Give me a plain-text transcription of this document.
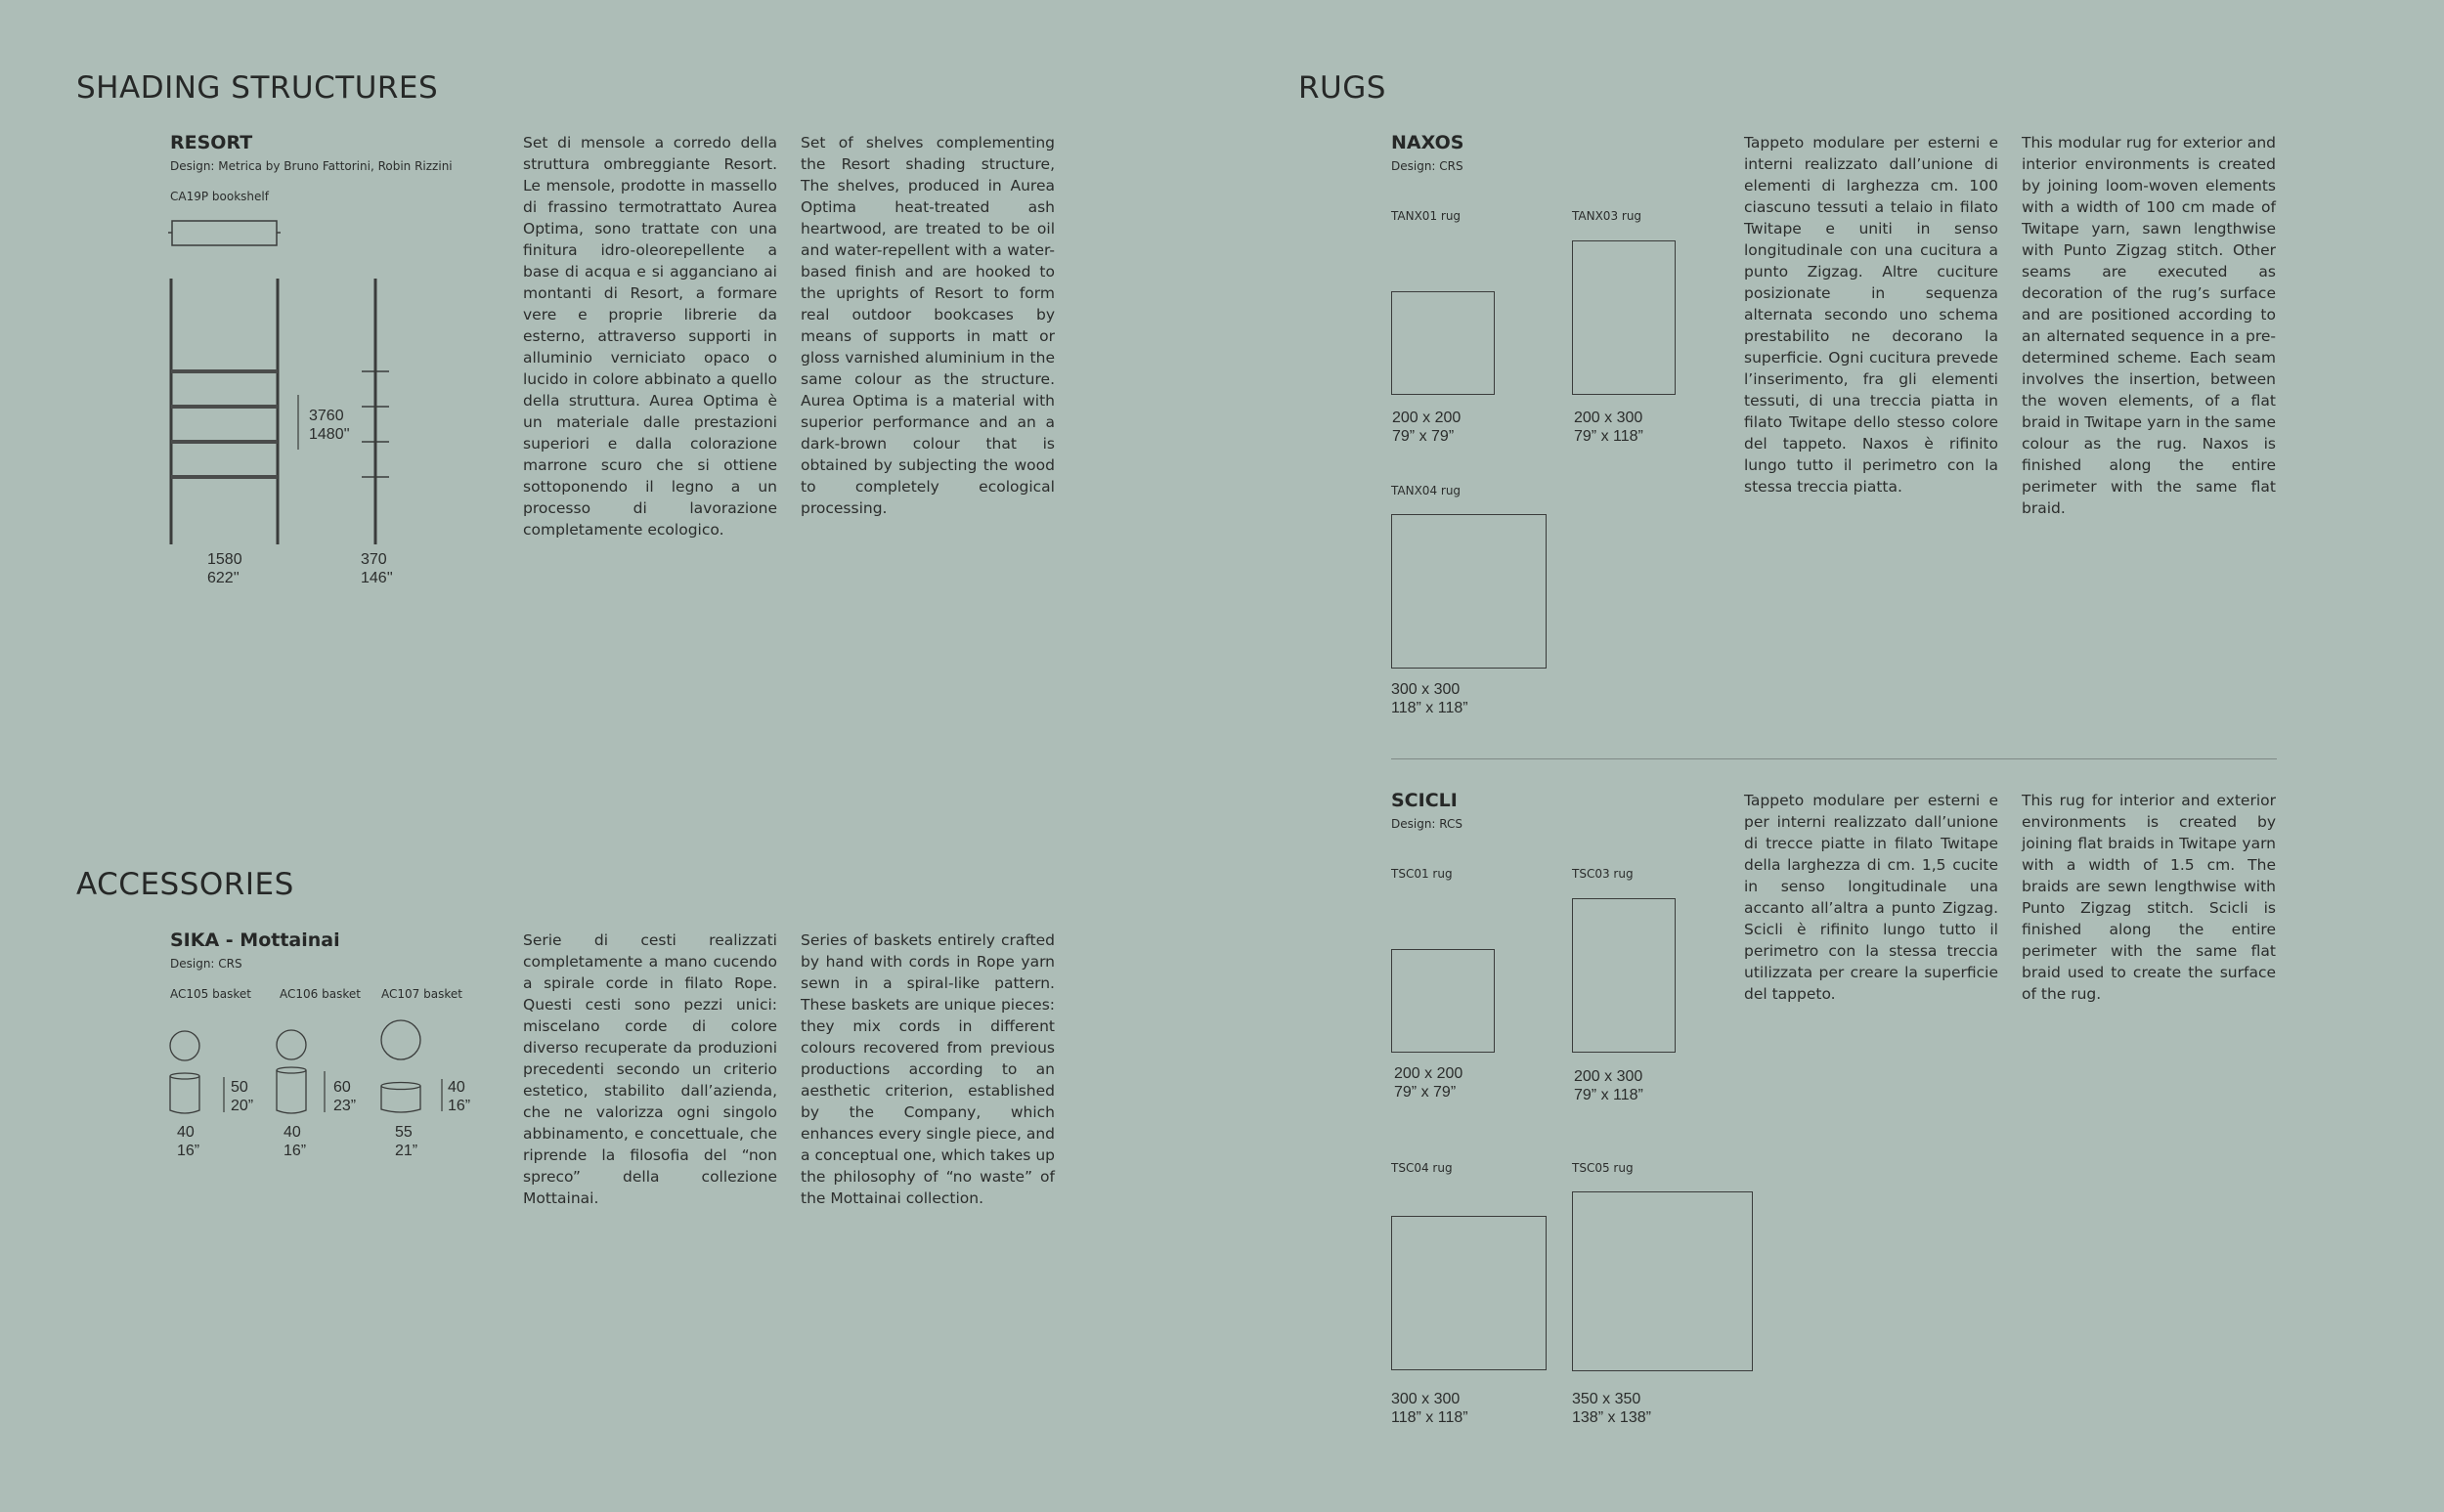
SHADING STRUCTURES
RESORT
Design: Metrica by Bruno Fattorini, Robin Rizzini
CA19P bookshelf
3760
1480''
1580
622''
370
146''
Set di mensole a corredo della struttura ombreggiante Resort. Le mensole, prodotte in massello di frassino termotrattato Aurea Optima, sono trattate con una finitura idro-oleorepellente a base di acqua e si agganciano ai montanti di Resort, a formare vere e proprie librerie da esterno, attraverso supporti in alluminio verniciato opaco o lucido in colore abbinato a quello della struttura. Aurea Optima è un materiale dalle prestazioni superiori e dalla colorazione marrone scuro che si ottiene sottoponendo il legno a un processo di lavorazione completamente ecologico.
Set of shelves complementing the Resort shading structure, The shelves, produced in Aurea Optima heat-treated ash heartwood, are treated to be oil and water-repellent with a water-based finish and are hooked to the uprights of Resort to form real outdoor bookcases by means of supports in matt or gloss varnished aluminium in the same colour as the structure. Aurea Optima is a material with superior performance and an a dark-brown colour that is obtained by subjecting the wood to completely ecological processing.
ACCESSORIES
SIKA - Mottainai
Design: CRS
AC105 basket AC106 basket AC107 basket
50
20”
40
16”
60
23”
40
16”
40
16”
55
21”
Serie di cesti realizzati completamente a mano cucendo a spirale corde in filato Rope. Questi cesti sono pezzi unici: miscelano corde di colore diverso recuperate da produzioni precedenti secondo un criterio estetico, stabilito dall’azienda, che ne valorizza ogni singolo abbinamento, e concettuale, che riprende la filosofia del “non spreco” della collezione Mottainai.
Series of baskets entirely crafted by hand with cords in Rope yarn sewn in a spiral-like pattern. These baskets are unique pieces: they mix cords in different colours recovered from previous productions according to an aesthetic criterion, established by the Company, which enhances every single piece, and a conceptual one, which takes up the philosophy of “no waste” of the Mottainai collection.
RUGS
NAXOS
Design: CRS
TANX01 rug
200 x 200
79” x 79”
TANX03 rug
200 x 300
79” x 118”
TANX04 rug
300 x 300
118” x 118”
Tappeto modulare per esterni e interni realizzato dall’unione di elementi di larghezza cm. 100 ciascuno tessuti a telaio in filato Twitape e uniti in senso longitudinale con una cucitura a punto Zigzag. Altre cuciture posizionate in sequenza alternata secondo uno schema prestabilito ne decorano la superficie. Ogni cucitura prevede l’inserimento, fra gli elementi tessuti, di una treccia piatta in filato Twitape dello stesso colore del tappeto. Naxos è rifinito lungo tutto il perimetro con la stessa treccia piatta.
This modular rug for exterior and interior environments is created by joining loom-woven elements with a width of 100 cm made of Twitape yarn, sawn lengthwise with Punto Zigzag stitch. Other seams are executed as decoration of the rug’s surface and are positioned according to an alternated sequence in a pre-determined scheme. Each seam involves the insertion, between the woven elements, of a flat braid in Twitape yarn in the same colour as the rug. Naxos is finished along the entire perimeter with the same flat braid.
SCICLI
Design: RCS
TSC01 rug
200 x 200
79” x 79”
TSC03 rug
200 x 300
79” x 118”
TSC04 rug
300 x 300
118” x 118”
TSC05 rug
350 x 350
138” x 138”
Tappeto modulare per esterni e per interni realizzato dall’unione di trecce piatte in filato Twitape della larghezza di cm. 1,5 cucite in senso longitudinale una accanto all’altra a punto Zigzag. Scicli è rifinito lungo tutto il perimetro con la stessa treccia utilizzata per creare la superficie del tappeto.
This rug for interior and exterior environments is created by joining flat braids in Twitape yarn with a width of 1.5 cm. The braids are sewn lengthwise with Punto Zigzag stitch. Scicli is finished along the entire perimeter with the same flat braid used to create the surface of the rug.
